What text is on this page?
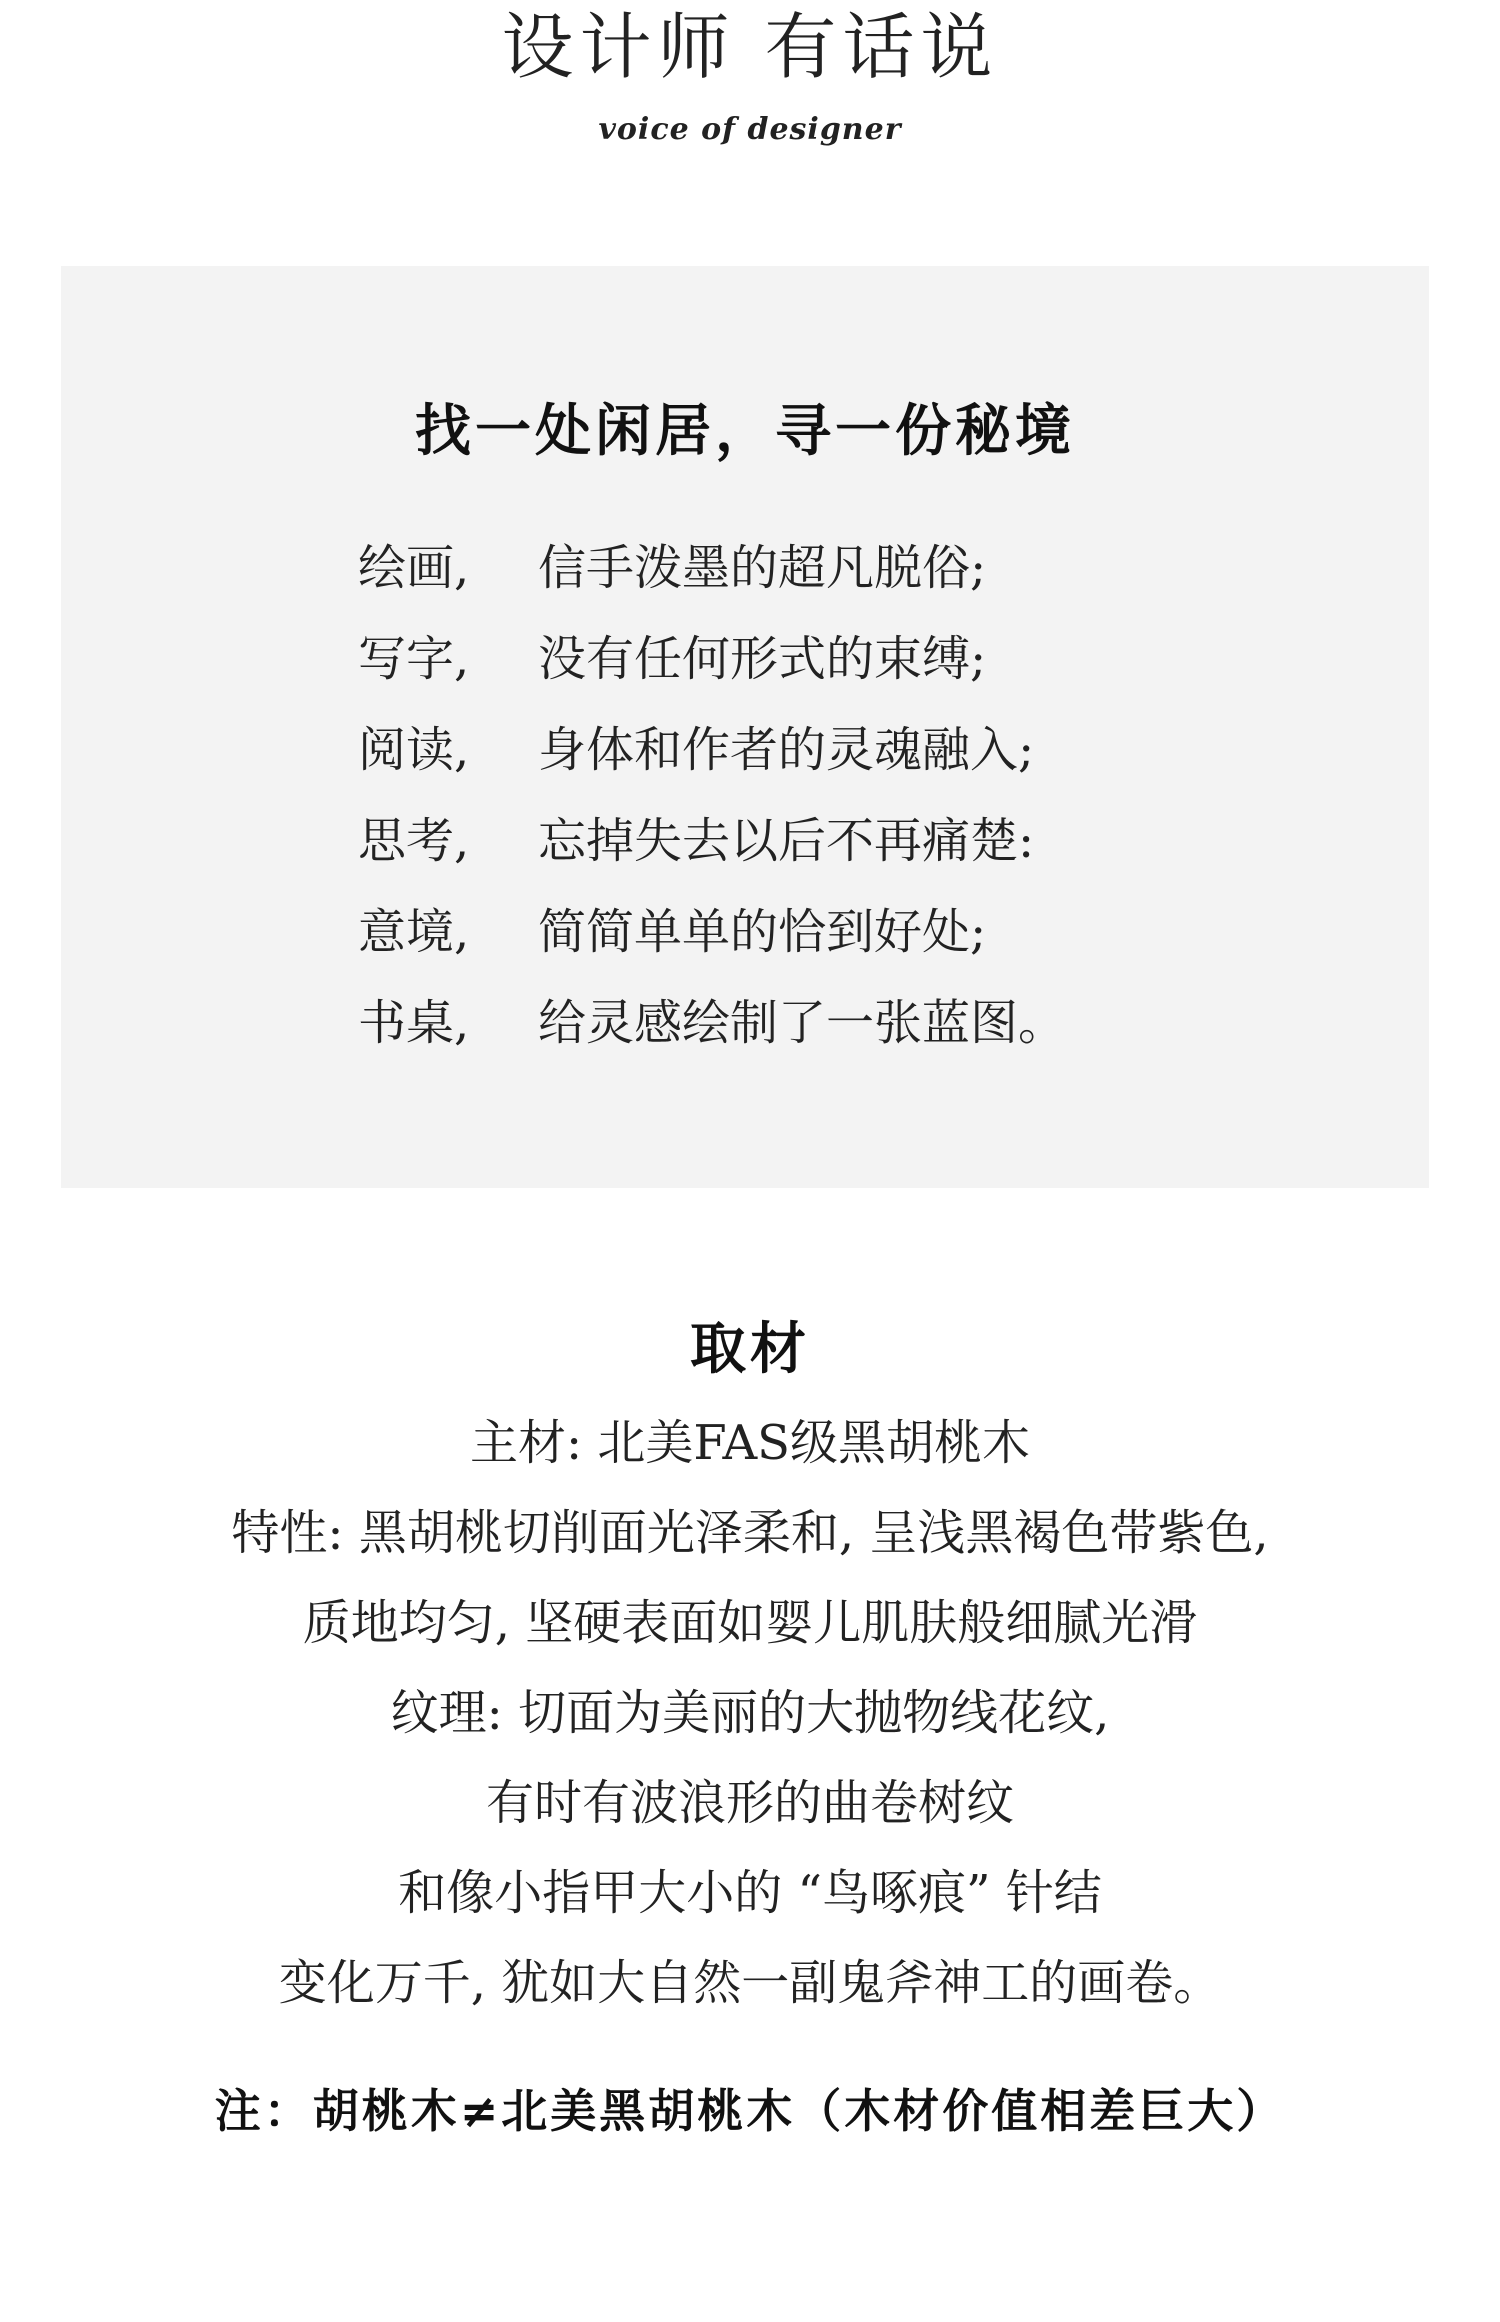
设计师 有话说
voice of designer
找一处闲居，寻一份秘境
绘画, 信手泼墨的超凡脱俗;
写字, 没有任何形式的束缚;
阅读, 身体和作者的灵魂融入;
思考, 忘掉失去以后不再痛楚:
意境, 简简单单的恰到好处;
书桌, 给灵感绘制了一张蓝图。
取材
主材: 北美FAS级黑胡桃木
特性: 黑胡桃切削面光泽柔和, 呈浅黑褐色带紫色,
质地均匀, 坚硬表面如婴儿肌肤般细腻光滑
纹理: 切面为美丽的大抛物线花纹,
有时有波浪形的曲卷树纹
和像小指甲大小的 “鸟啄痕” 针结
变化万千, 犹如大自然一副鬼斧神工的画卷。
注：胡桃木≠北美黑胡桃木（木材价值相差巨大）
